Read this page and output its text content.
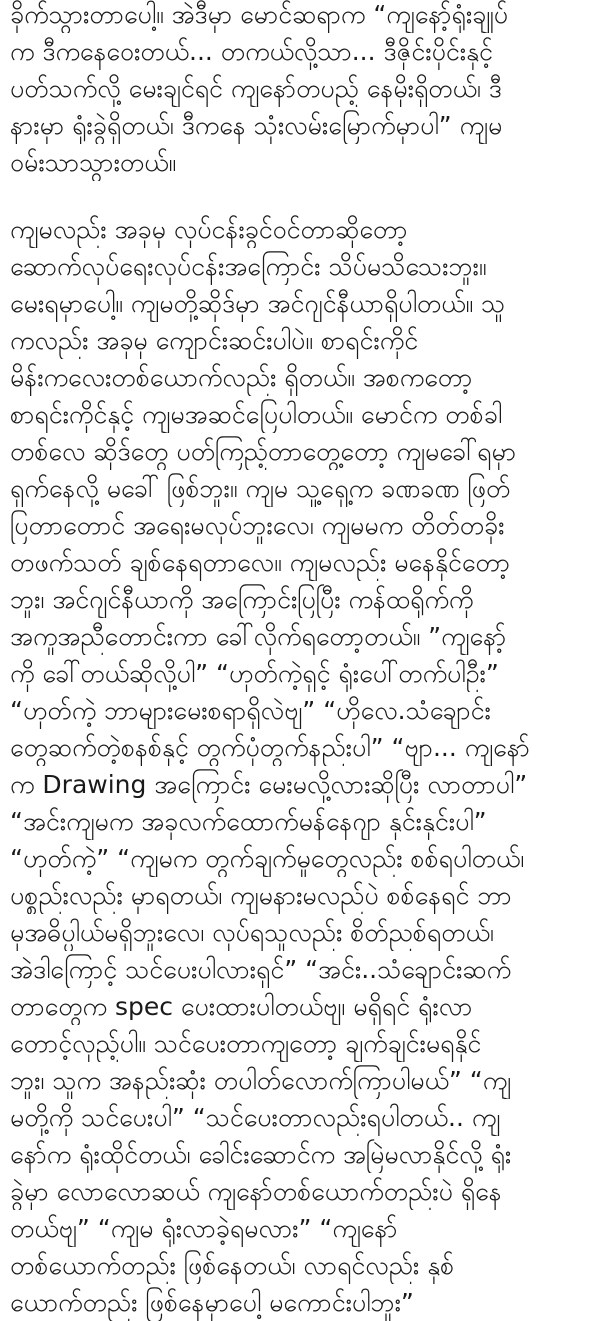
ခိုက်သွားတာပေါ့။ အဲဒီမှာ မောင်ဆရာက “ကျနော့်ရုံးချုပ်
က ဒီကနေဝေးတယ်... တကယ်လို့သာ... ဒီဇိုင်းပိုင်းနှင့်
ပတ်သက်လို့ မေးချင်ရင် ကျနော်တပည့် နေမိုးရှိတယ်၊ ဒီ
နားမှာ ရုံးခွဲရှိတယ်၊ ဒီကနေ သုံးလမ်းမြောက်မှာပါ” ကျမ
ဝမ်းသာသွားတယ်။
ကျမလည်း အခုမှ လုပ်ငန်းခွင်ဝင်တာဆိုတော့
ဆောက်လုပ်ရေးလုပ်ငန်းအကြောင်း သိပ်မသိသေးဘူး။
မေးရမှာပေါ့။ ကျမတို့ဆိုဒ်မှာ အင်ဂျင်နီယာရှိပါတယ်။ သူ
ကလည်း အခုမှ ကျောင်းဆင်းပါပဲ။ စာရင်းကိုင်
မိန်းကလေးတစ်ယောက်လည်း ရှိတယ်။ အစကတော့
စာရင်းကိုင်နှင့် ကျမအဆင်ပြေပါတယ်။ မောင်က တစ်ခါ
တစ်လေ ဆိုဒ်တွေ ပတ်ကြည့်တာတွေ့တော့ ကျမခေါ်ရမှာ
ရှက်နေလို့ မခေါ် ဖြစ်ဘူး။ ကျမ သူ့ရှေ့က ခဏခဏ ဖြတ်
ပြတာတောင် အရေးမလုပ်ဘူးလေ၊ ကျမမက တိတ်တခိုး
တဖက်သတ် ချစ်နေရတာလေ။ ကျမလည်း မနေနိုင်တော့
ဘူး၊ အင်ဂျင်နီယာကို အကြောင်းပြပြီး ကန်ထရိုက်ကို
အကူအညီတောင်းကာ ခေါ်လိုက်ရတော့တယ်။ ”ကျနော့်
ကို ခေါ်တယ်ဆိုလို့ပါ” “ဟုတ်ကဲ့ရှင့် ရုံးပေါ်တက်ပါဦး”
“ဟုတ်ကဲ့ ဘာများမေးစရာရှိလဲဗျ” “ဟိုလေ.သံချောင်း
တွေဆက်တဲ့စနစ်နှင့် တွက်ပုံတွက်နည်းပါ” “ဗျာ... ကျနော်
က Drawing အကြောင်း မေးမလို့လားဆိုပြီး လာတာပါ”
“အင်းကျမက အခုလက်ထောက်မန်နေဂျာ နှင်းနှင်းပါ”
“ဟုတ်ကဲ့” “ကျမက တွက်ချက်မှုတွေလည်း စစ်ရပါတယ်၊
ပစ္စည်းလည်း မှာရတယ်၊ ကျမနားမလည်ပဲ စစ်နေရင် ဘာ
မှအဓိပ္ပါယ်မရှိဘူးလေ၊ လုပ်ရသူလည်း စိတ်ညစ်ရတယ်၊
အဲဒါကြောင့် သင်ပေးပါလားရှင်” “အင်း..သံချောင်းဆက်
တာတွေက spec ပေးထားပါတယ်ဗျ၊ မရှိရင် ရုံးလာ
တောင့်လှည့်ပါ။ သင်ပေးတာကျတော့ ချက်ချင်းမရနိုင်
ဘူး၊ သူက အနည်းဆုံး တပါတ်လောက်ကြာပါမယ်” “ကျ
မတို့ကို သင်ပေးပါ” “သင်ပေးတာလည်းရပါတယ်.. ကျ
နော်က ရုံးထိုင်တယ်၊ ခေါင်းဆောင်က အမြဲမလာနိုင်လို့ ရုံး
ခွဲမှာ လောလောဆယ် ကျနော်တစ်ယောက်တည်းပဲ ရှိနေ
တယ်ဗျ” “ကျမ ရုံးလာခဲ့ရမလား” “ကျနော်
တစ်ယောက်တည်း ဖြစ်နေတယ်၊ လာရင်လည်း နှစ်
ယောက်တည်း ဖြစ်နေမှာပေါ့ မကောင်းပါဘူး”
